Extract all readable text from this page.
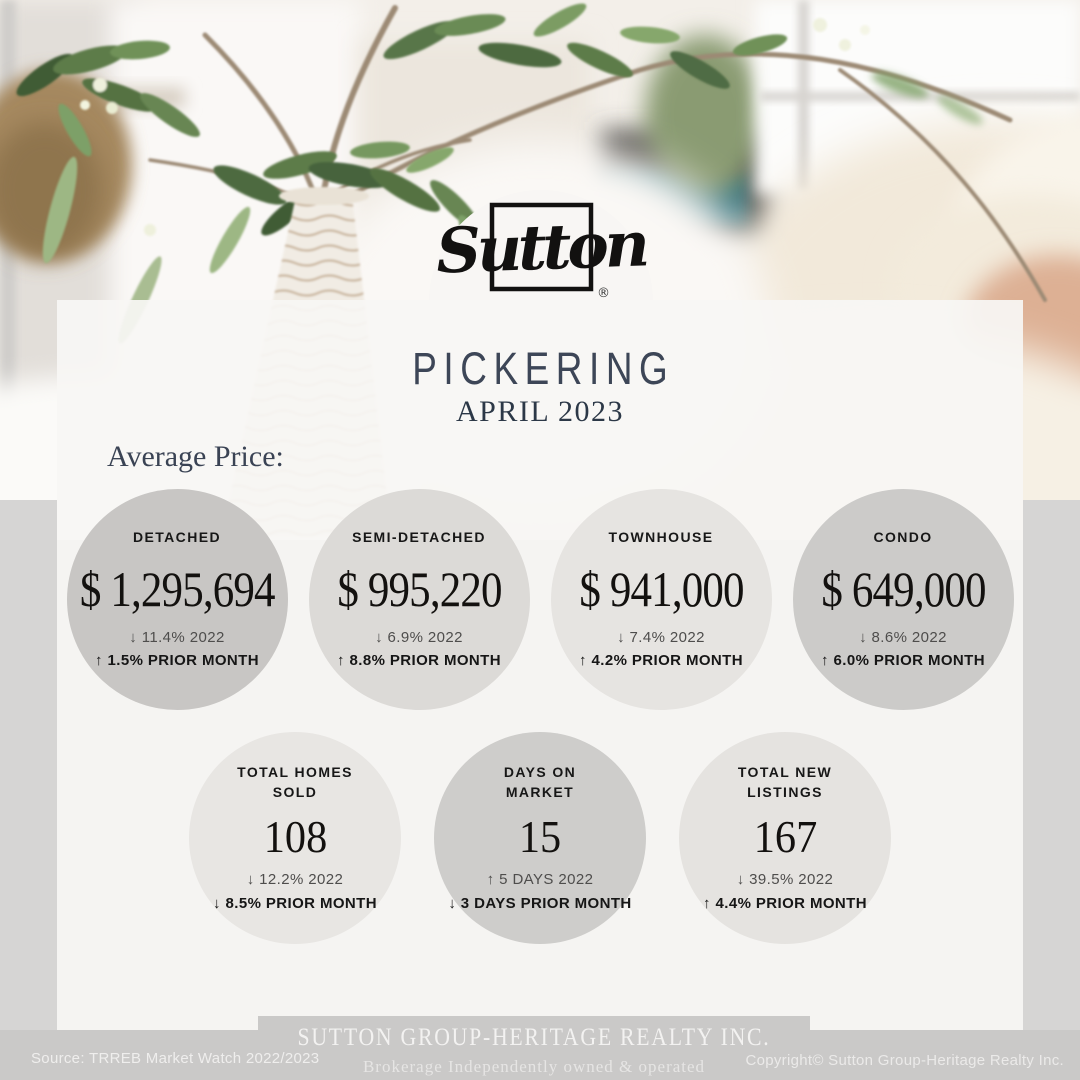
Sutton
®
PICKERING
APRIL 2023
Average Price:
DETACHED
$ 1,295,694
↓ 11.4% 2022
↑ 1.5% PRIOR MONTH
SEMI-DETACHED
$ 995,220
↓ 6.9% 2022
↑ 8.8% PRIOR MONTH
TOWNHOUSE
$ 941,000
↓ 7.4% 2022
↑ 4.2% PRIOR MONTH
CONDO
$ 649,000
↓ 8.6% 2022
↑ 6.0% PRIOR MONTH
TOTAL HOMES
SOLD
108
↓ 12.2% 2022
↓ 8.5% PRIOR MONTH
DAYS ON
MARKET
15
↑ 5 DAYS 2022
↓ 3 DAYS PRIOR MONTH
TOTAL NEW
LISTINGS
167
↓ 39.5% 2022
↑ 4.4% PRIOR MONTH
SUTTON GROUP-HERITAGE REALTY INC.
Brokerage Independently owned & operated
Source: TRREB Market Watch 2022/2023	Copyright© Sutton Group-Heritage Realty Inc.
